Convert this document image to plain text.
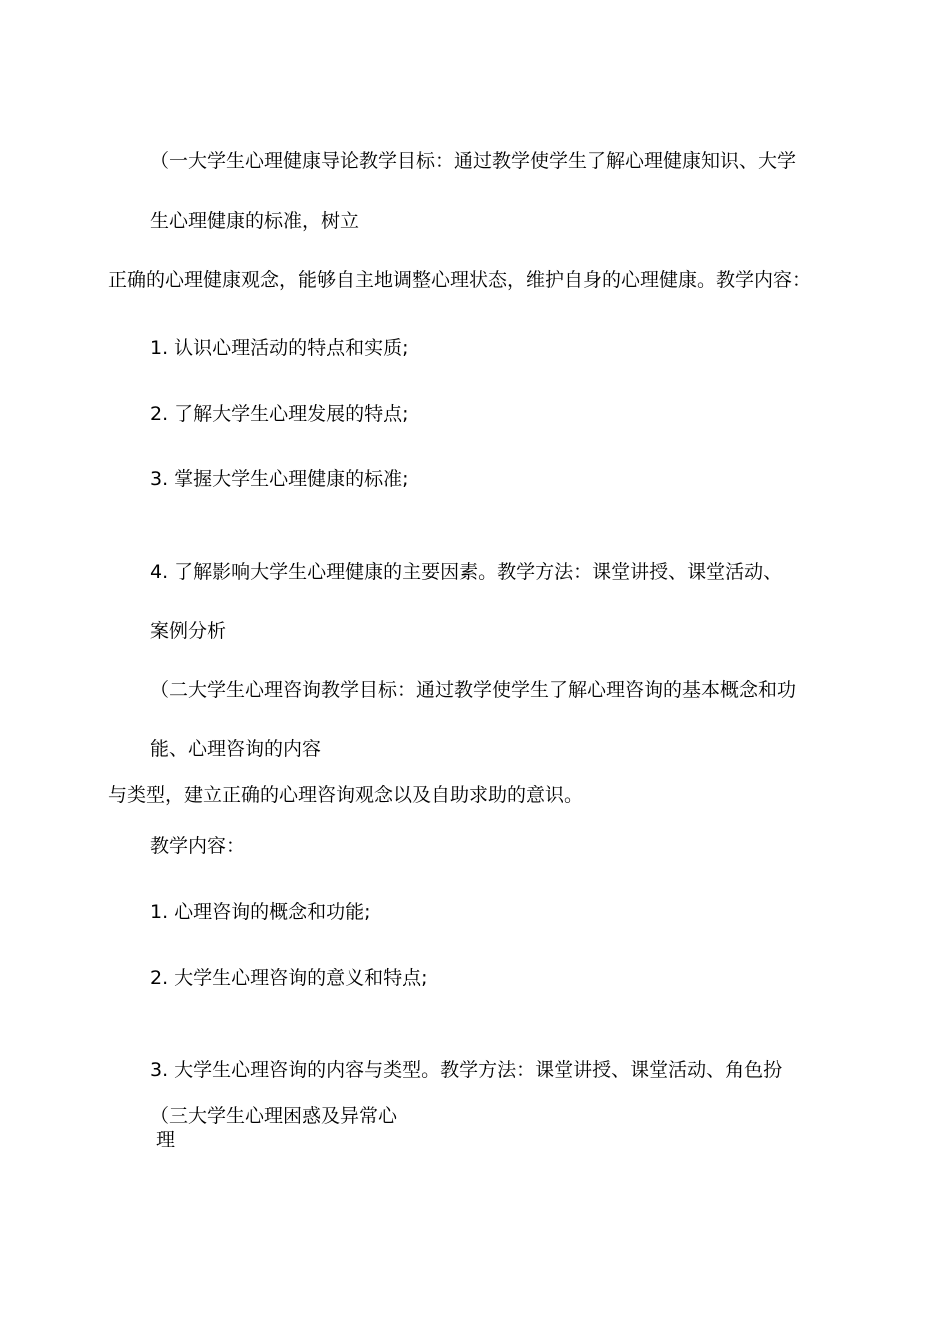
（一大学生心理健康导论教学目标：通过教学使学生了解心理健康知识、大学

生心理健康的标准，树立

正确的心理健康观念，能够自主地调整心理状态，维护自身的心理健康。教学内容：

1. 认识心理活动的特点和实质;

2. 了解大学生心理发展的特点;

3. 掌握大学生心理健康的标准;

4. 了解影响大学生心理健康的主要因素。教学方法：课堂讲授、课堂活动、

案例分析

（二大学生心理咨询教学目标：通过教学使学生了解心理咨询的基本概念和功

能、心理咨询的内容

与类型，建立正确的心理咨询观念以及自助求助的意识。

教学内容：

1. 心理咨询的概念和功能;

2. 大学生心理咨询的意义和特点;

3. 大学生心理咨询的内容与类型。教学方法：课堂讲授、课堂活动、角色扮

（三大学生心理困惑及异常心

理
